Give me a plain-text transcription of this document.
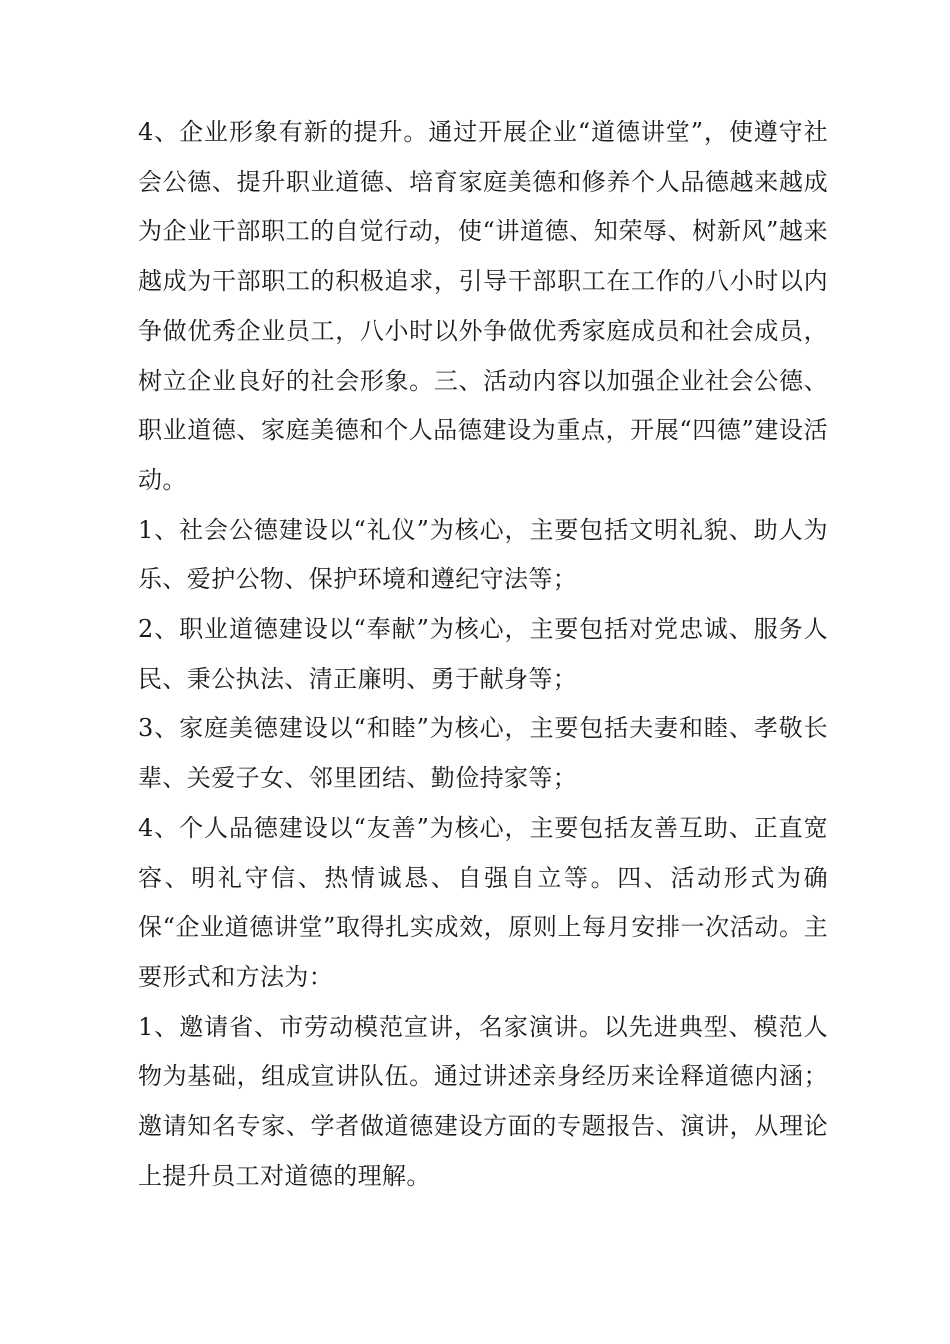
4、企业形象有新的提升。通过开展企业“道德讲堂”，使遵守社会公德、提升职业道德、培育家庭美德和修养个人品德越来越成为企业干部职工的自觉行动，使“讲道德、知荣辱、树新风”越来越成为干部职工的积极追求，引导干部职工在工作的八小时以内争做优秀企业员工，八小时以外争做优秀家庭成员和社会成员，树立企业良好的社会形象。三、活动内容以加强企业社会公德、职业道德、家庭美德和个人品德建设为重点，开展“四德”建设活动。

1、社会公德建设以“礼仪”为核心，主要包括文明礼貌、助人为乐、爱护公物、保护环境和遵纪守法等；

2、职业道德建设以“奉献”为核心，主要包括对党忠诚、服务人民、秉公执法、清正廉明、勇于献身等；

3、家庭美德建设以“和睦”为核心，主要包括夫妻和睦、孝敬长辈、关爱子女、邻里团结、勤俭持家等；

4、个人品德建设以“友善”为核心，主要包括友善互助、正直宽容、明礼守信、热情诚恳、自强自立等。四、活动形式为确保“企业道德讲堂”取得扎实成效，原则上每月安排一次活动。主要形式和方法为：

1、邀请省、市劳动模范宣讲，名家演讲。以先进典型、模范人物为基础，组成宣讲队伍。通过讲述亲身经历来诠释道德内涵；邀请知名专家、学者做道德建设方面的专题报告、演讲，从理论上提升员工对道德的理解。
